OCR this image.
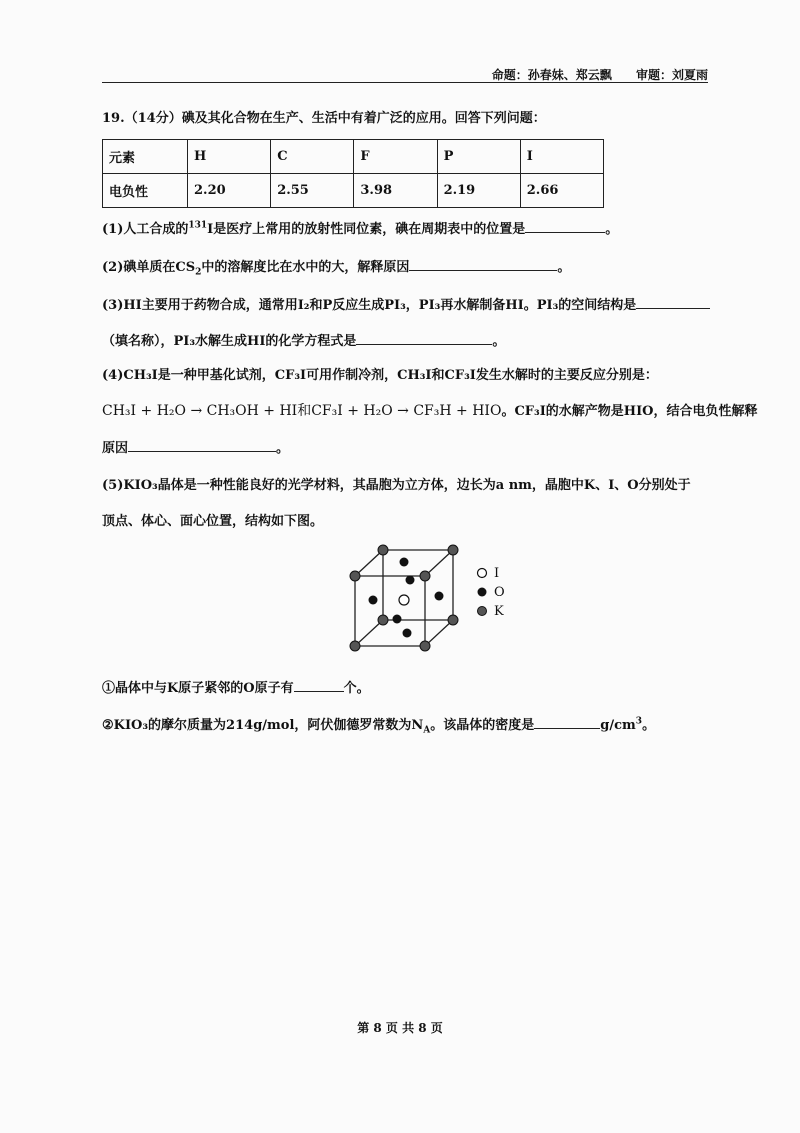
命题：孙春妹、郑云飘 审题：刘夏雨
19.（14分）碘及其化合物在生产、生活中有着广泛的应用。回答下列问题：
元素	H	C	F	P	I
电负性	2.20	2.55	3.98	2.19	2.66
(1)人工合成的$^{131}$I是医疗上常用的放射性同位素，碘在周期表中的位置是	。
(2)碘单质在$CS_2$中的溶解度比在水中的大，解释原因	。
(3)HI主要用于药物合成，通常用I₂和P反应生成PI₃，PI₃再水解制备HI。PI₃的空间结构是
（填名称），PI₃水解生成HI的化学方程式是	。
(4)CH₃I是一种甲基化试剂，CF₃I可用作制冷剂，CH₃I和CF₃I发生水解时的主要反应分别是：
CH₃I + H₂O → CH₃OH + HI和CF₃I + H₂O → CF₃H + HIO。CF₃I的水解产物是HIO，结合电负性解释
原因	。
(5)KIO₃晶体是一种性能良好的光学材料，其晶胞为立方体，边长为a nm，晶胞中K、I、O分别处于
顶点、体心、面心位置，结构如下图。
I
O
K
①晶体中与K原子紧邻的O原子有	个。
②KIO₃的摩尔质量为214g/mol，阿伏伽德罗常数为$N_A$。该晶体的密度是	$g/cm^3$。
第 8 页 共 8 页
